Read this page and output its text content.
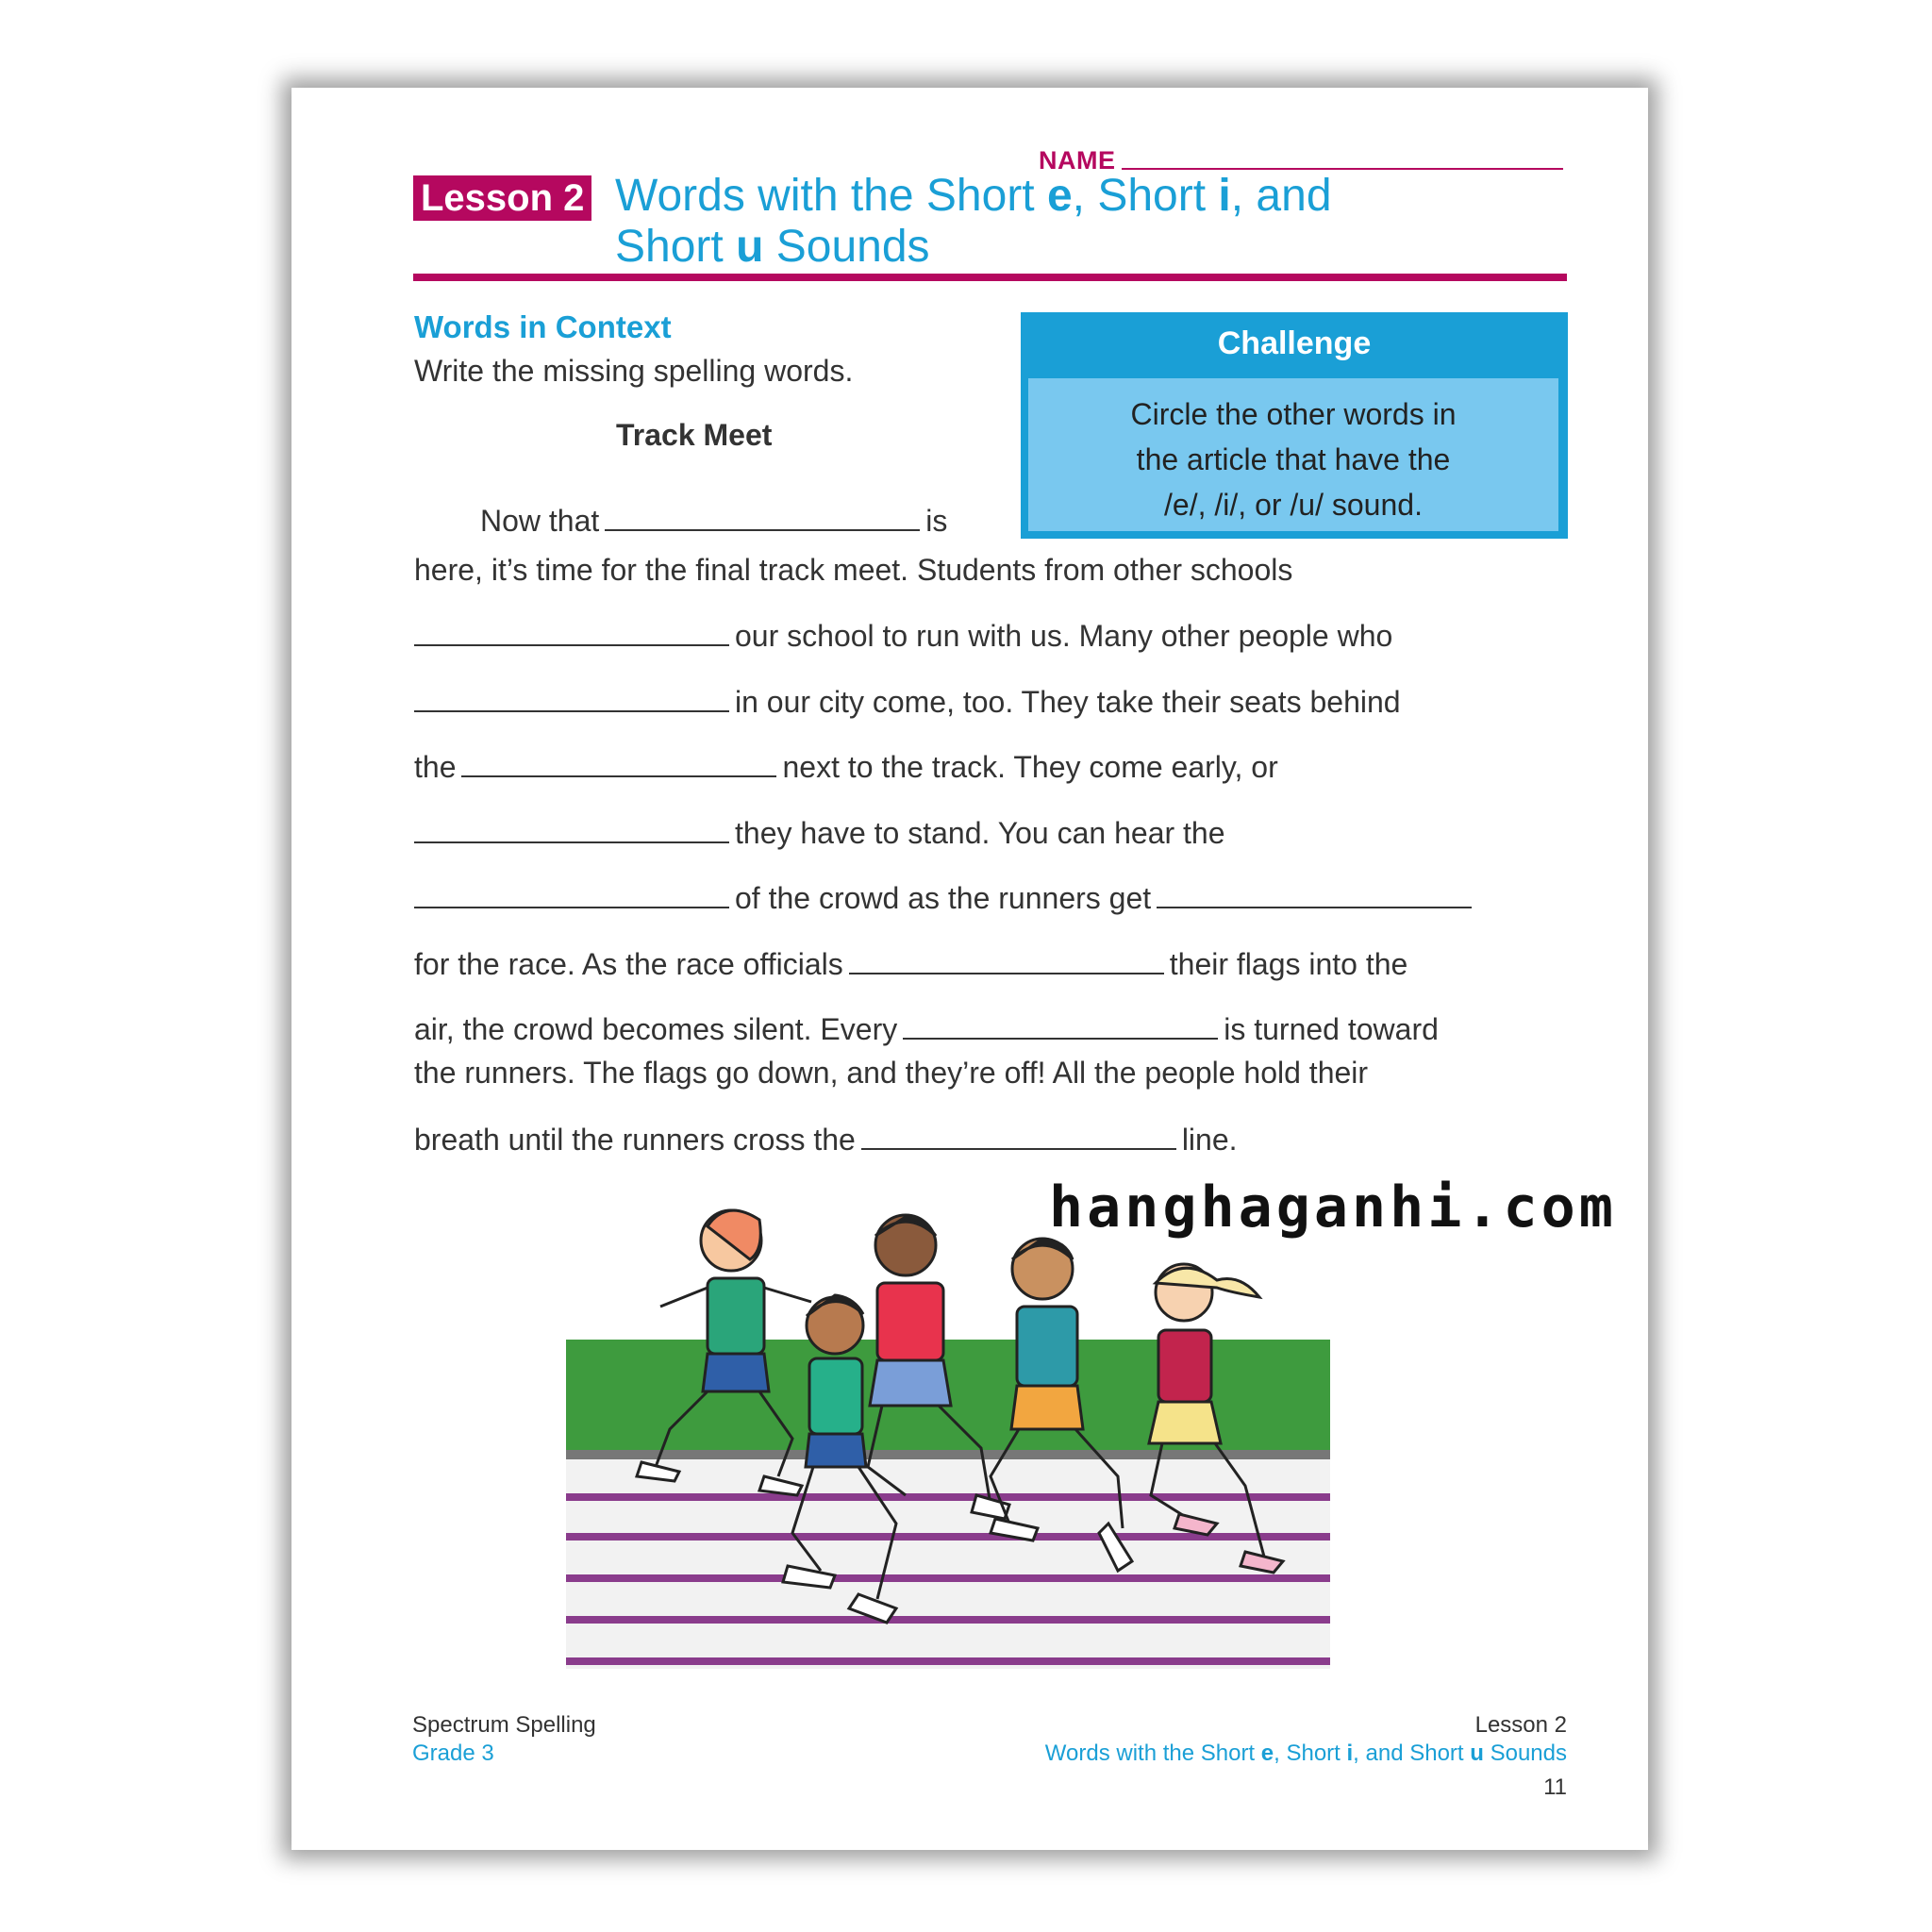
NAME
Lesson 2 Words with the Short e, Short i, and
Short u Sounds
Words in Context
Write the missing spelling words.
Track Meet
Challenge
Circle the other words in
the article that have the
/e/, /i/, or /u/ sound.
Now that	is
here, it’s time for the final track meet. Students from other schools
our school to run with us. Many other people who
in our city come, too. They take their seats behind
the	next to the track. They come early, or
they have to stand. You can hear the
of the crowd as the runners get
for the race. As the race officials	their flags into the
air, the crowd becomes silent. Every	is turned toward
the runners. The flags go down, and they’re off! All the people hold their
breath until the runners cross the	line.
Spectrum Spelling
Grade 3
Lesson 2
Words with the Short e, Short i, and Short u Sounds
11
hanghaganhi.com
